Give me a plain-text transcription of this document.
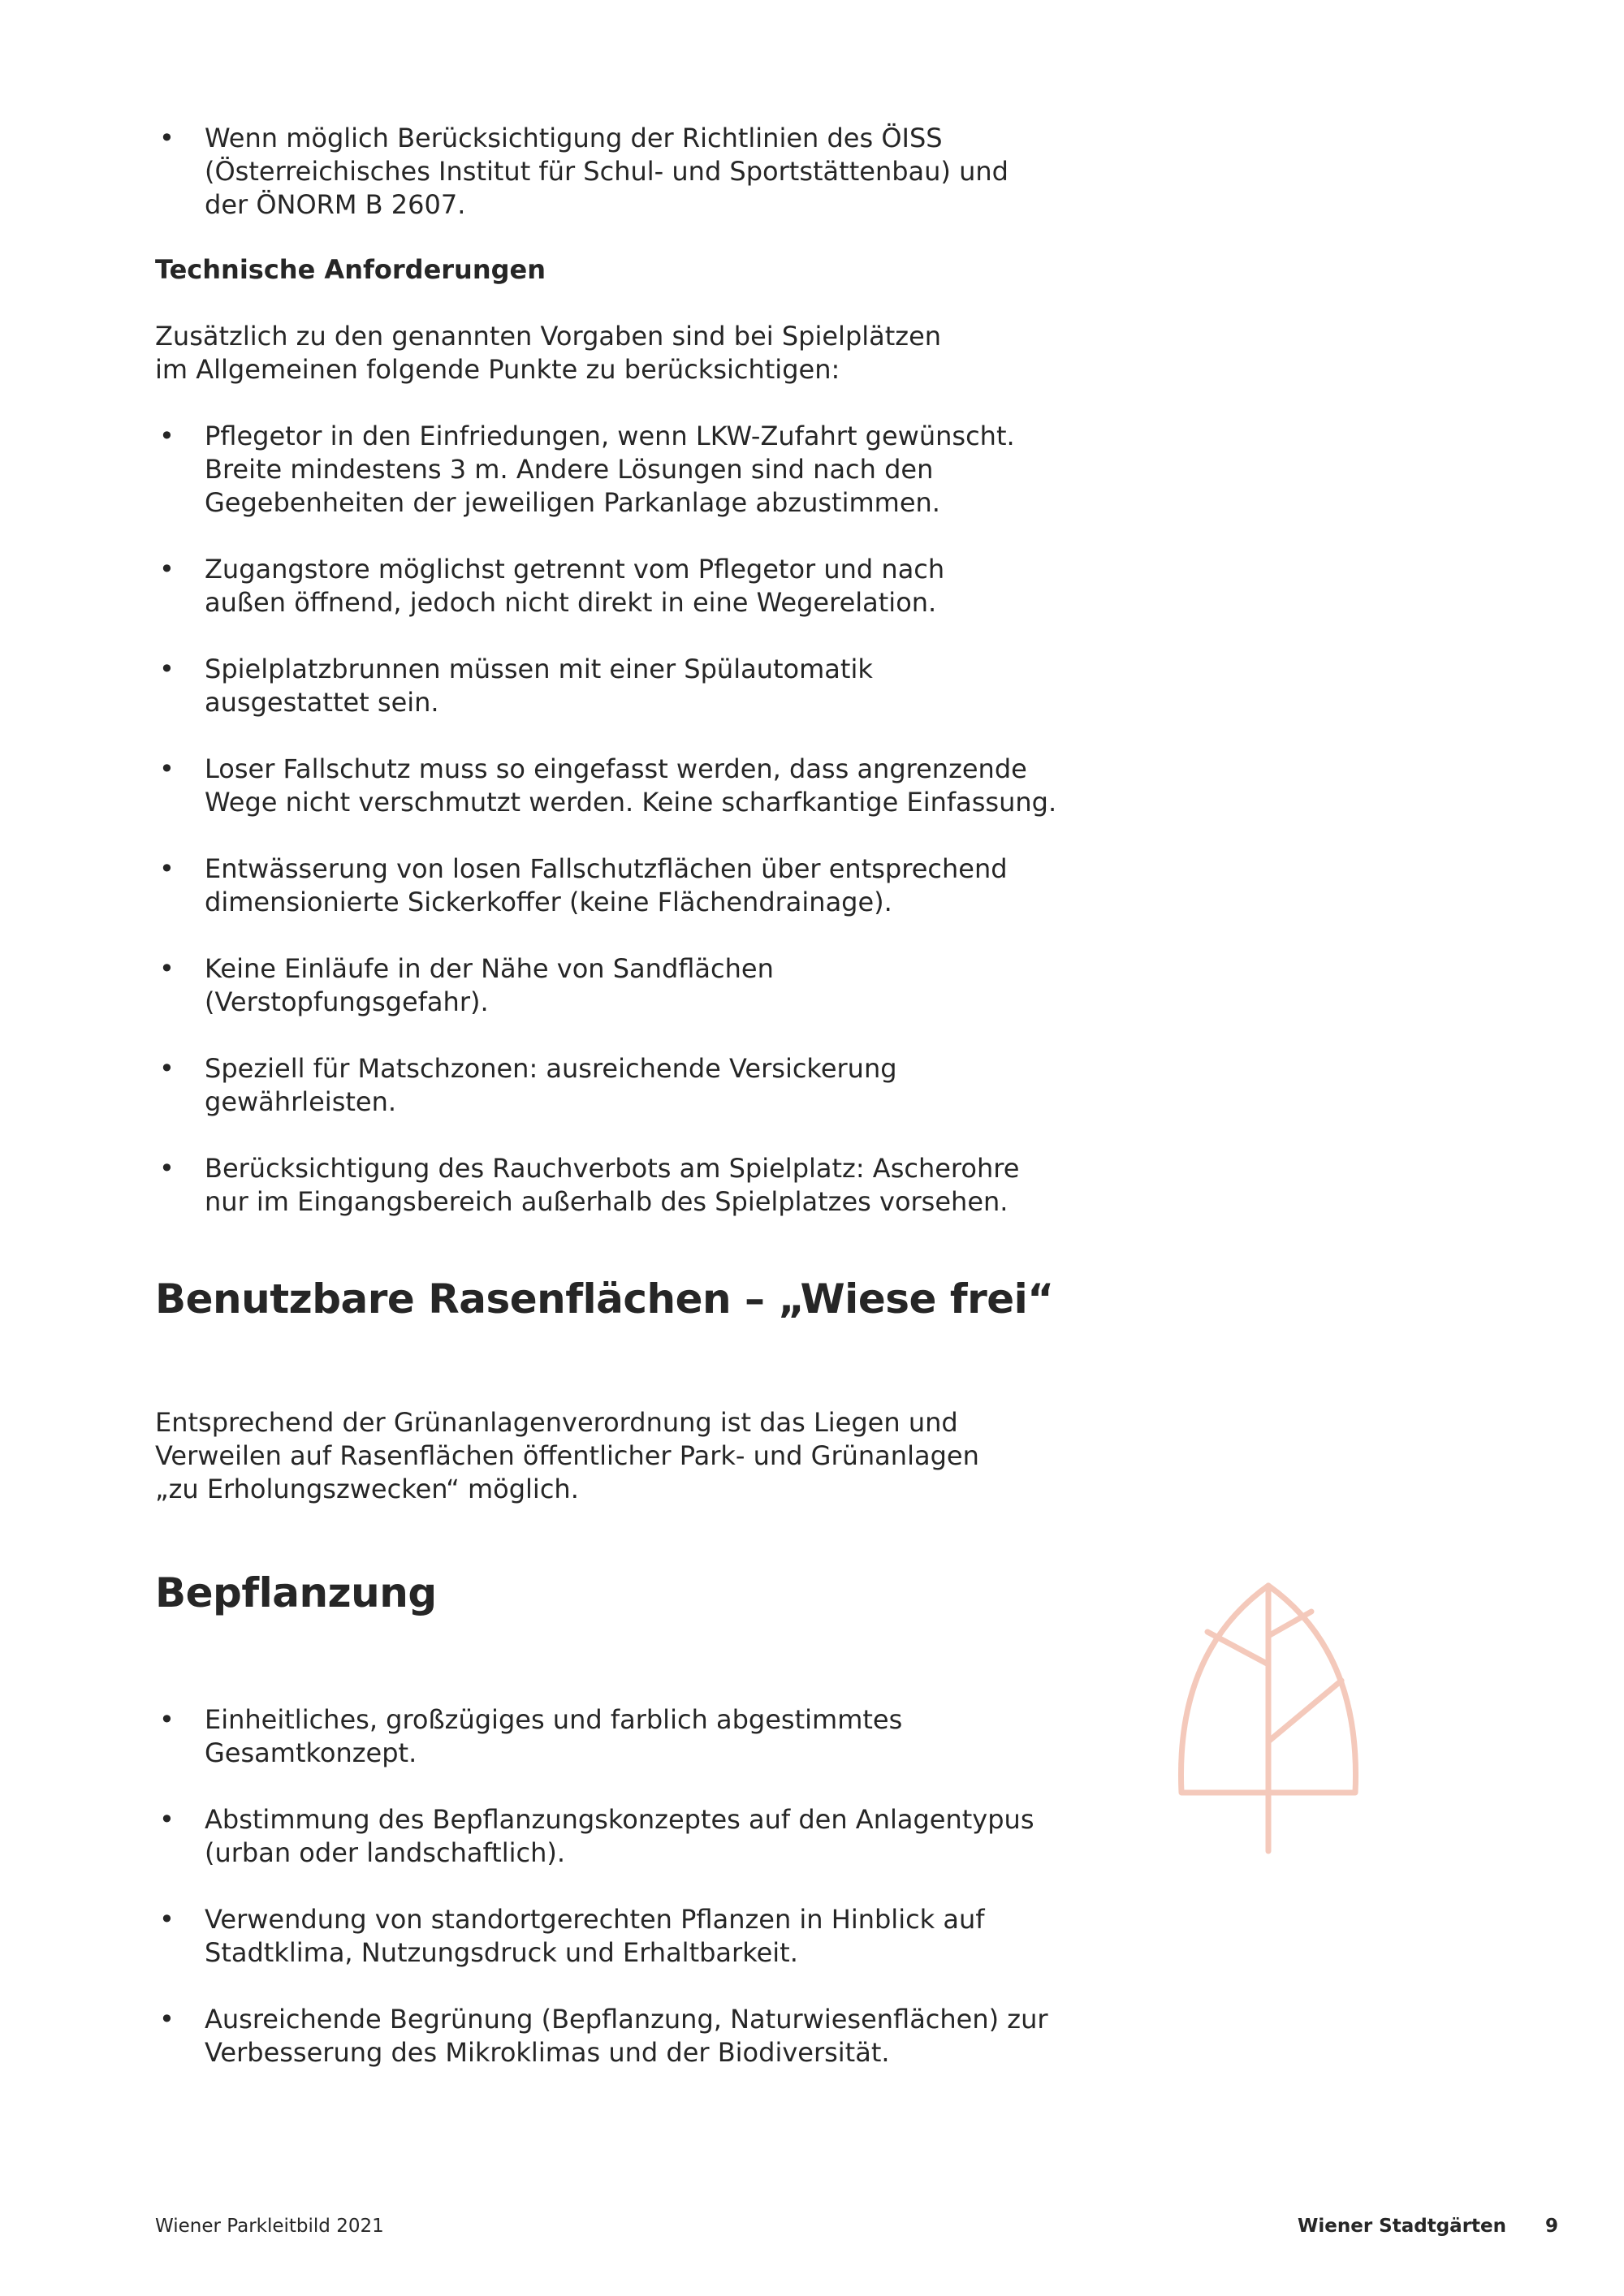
• Wenn möglich Berücksichtigung der Richtlinien des ÖISS (Österreichisches Institut für Schul- und Sportstättenbau) und der ÖNORM B 2607.

Technische Anforderungen

Zusätzlich zu den genannten Vorgaben sind bei Spielplätzen im Allgemeinen folgende Punkte zu berücksichtigen:

• Pflegetor in den Einfriedungen, wenn LKW-Zufahrt gewünscht. Breite mindestens 3 m. Andere Lösungen sind nach den Gegebenheiten der jeweiligen Parkanlage abzustimmen.
• Zugangstore möglichst getrennt vom Pflegetor und nach außen öffnend, jedoch nicht direkt in eine Wegerelation.
• Spielplatzbrunnen müssen mit einer Spülautomatik ausgestattet sein.
• Loser Fallschutz muss so eingefasst werden, dass angrenzende Wege nicht verschmutzt werden. Keine scharfkantige Einfassung.
• Entwässerung von losen Fallschutzflächen über entsprechend dimensionierte Sickerkoffer (keine Flächendrainage).
• Keine Einläufe in der Nähe von Sandflächen (Verstopfungsgefahr).
• Speziell für Matschzonen: ausreichende Versickerung gewährleisten.
• Berücksichtigung des Rauchverbots am Spielplatz: Ascherohre nur im Eingangsbereich außerhalb des Spielplatzes vorsehen.
Benutzbare Rasenflächen – „Wiese frei“

Entsprechend der Grünanlagenverordnung ist das Liegen und Verweilen auf Rasenflächen öffentlicher Park- und Grünanlagen „zu Erholungszwecken“ möglich.

Bepflanzung
• Einheitliches, großzügiges und farblich abgestimmtes Gesamtkonzept.
• Abstimmung des Bepflanzungskonzeptes auf den Anlagentypus (urban oder landschaftlich).
• Verwendung von standortgerechten Pflanzen in Hinblick auf Stadtklima, Nutzungsdruck und Erhaltbarkeit.
• Ausreichende Begrünung (Bepflanzung, Naturwiesenflächen) zur Verbesserung des Mikroklimas und der Biodiversität.
Wiener Parkleitbild 2021	Wiener Stadtgärten 9
